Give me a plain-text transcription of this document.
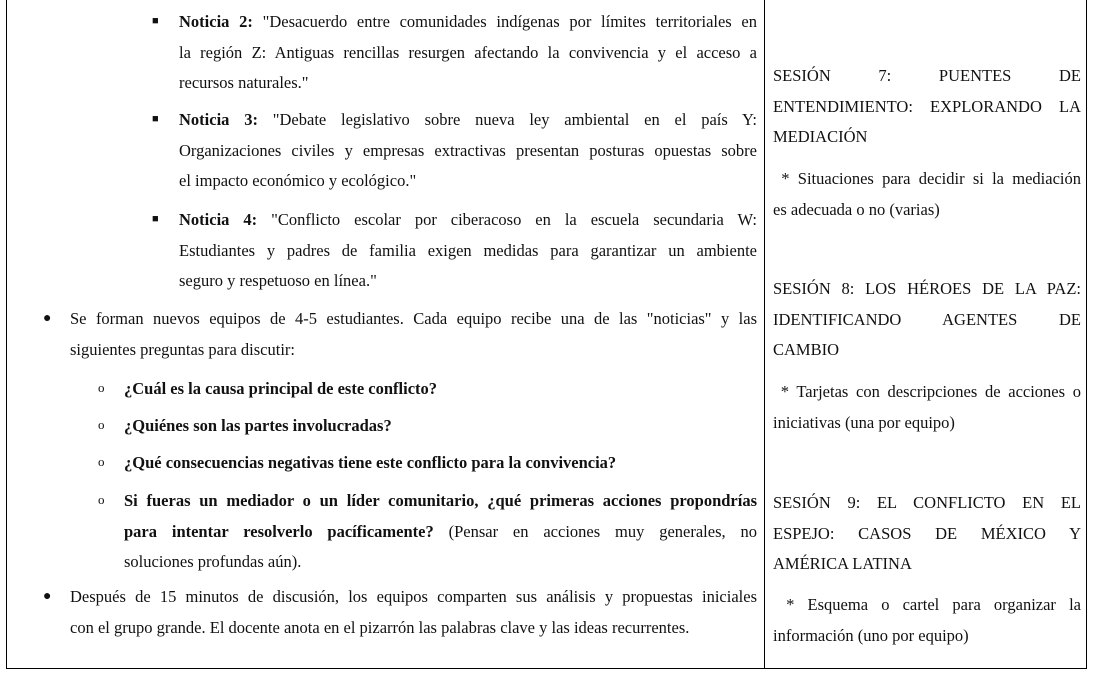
■ Noticia 2: "Desacuerdo entre comunidades indígenas por límites territoriales en
la región Z: Antiguas rencillas resurgen afectando la convivencia y el acceso a
recursos naturales."
■ Noticia 3: "Debate legislativo sobre nueva ley ambiental en el país Y:
Organizaciones civiles y empresas extractivas presentan posturas opuestas sobre
el impacto económico y ecológico."
■ Noticia 4: "Conflicto escolar por ciberacoso en la escuela secundaria W:
Estudiantes y padres de familia exigen medidas para garantizar un ambiente
seguro y respetuoso en línea."
● Se forman nuevos equipos de 4-5 estudiantes. Cada equipo recibe una de las "noticias" y las
siguientes preguntas para discutir:
o ¿Cuál es la causa principal de este conflicto?
o ¿Quiénes son las partes involucradas?
o ¿Qué consecuencias negativas tiene este conflicto para la convivencia?
o Si fueras un mediador o un líder comunitario, ¿qué primeras acciones propondrías
para intentar resolverlo pacíficamente? (Pensar en acciones muy generales, no
soluciones profundas aún).
● Después de 15 minutos de discusión, los equipos comparten sus análisis y propuestas iniciales
con el grupo grande. El docente anota en el pizarrón las palabras clave y las ideas recurrentes.
SESIÓN 7: PUENTES DE
ENTENDIMIENTO: EXPLORANDO LA
MEDIACIÓN
* Situaciones para decidir si la mediación
es adecuada o no (varias)
SESIÓN 8: LOS HÉROES DE LA PAZ:
IDENTIFICANDO AGENTES DE
CAMBIO
* Tarjetas con descripciones de acciones o
iniciativas (una por equipo)
SESIÓN 9: EL CONFLICTO EN EL
ESPEJO: CASOS DE MÉXICO Y
AMÉRICA LATINA
* Esquema o cartel para organizar la
información (uno por equipo)
